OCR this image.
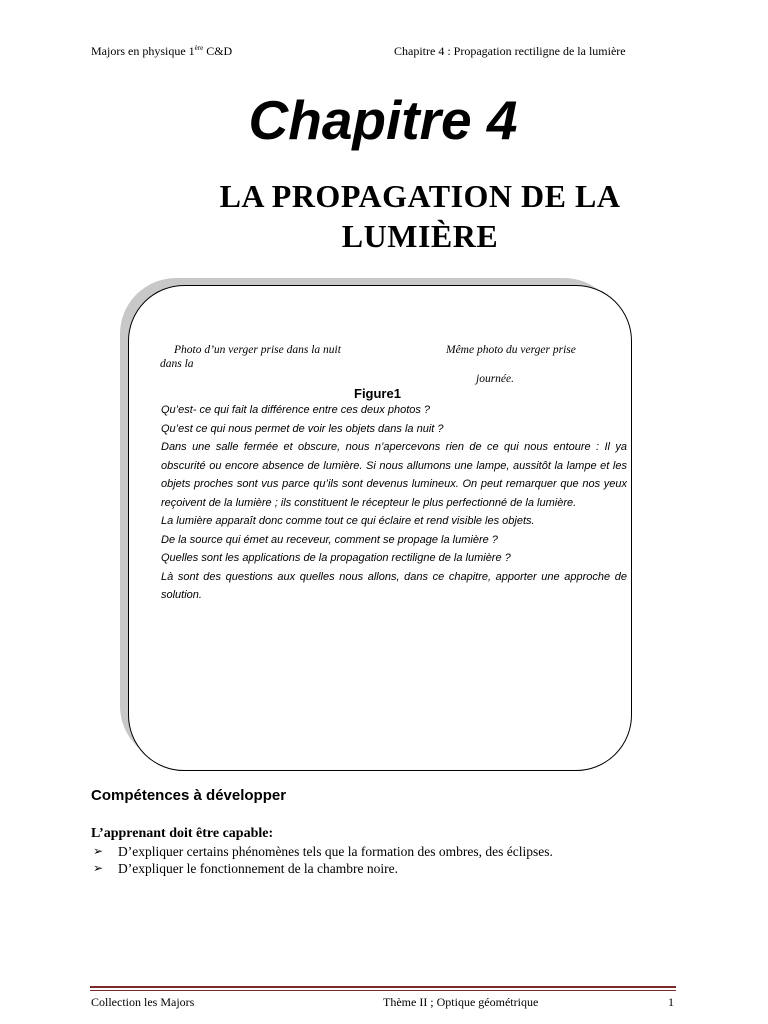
Majors en physique 1ère C&D	Chapitre 4 : Propagation rectiligne de la lumière
Chapitre 4
LA PROPAGATION DE LA
LUMIÈRE
Photo d’un verger prise dans la nuit	Même photo du verger prise
dans la
journée.
Figure1

Qu’est- ce qui fait la différence entre ces deux photos ?

Qu’est ce qui nous permet de voir les objets dans la nuit ?

Dans une salle fermée et obscure, nous n’apercevons rien de ce qui nous entoure : Il ya obscurité ou encore absence de lumière. Si nous allumons une lampe, aussitôt la lampe et les objets proches sont vus parce qu’ils sont devenus lumineux. On peut remarquer que nos yeux reçoivent de la lumière ; ils constituent le récepteur le plus perfectionné de la lumière.

La lumière apparaît donc comme tout ce qui éclaire et rend visible les objets.

De la source qui émet au receveur, comment se propage la lumière ?

Quelles sont les applications de la propagation rectiligne de la lumière ?

Là sont des questions aux quelles nous allons, dans ce chapitre, apporter une approche de solution.

Compétences à développer
L’apprenant doit être capable:
➢	D’expliquer certains phénomènes tels que la formation des ombres, des éclipses.
➢	D’expliquer le fonctionnement de la chambre noire.
Collection les Majors	Thème II ; Optique géométrique	1
